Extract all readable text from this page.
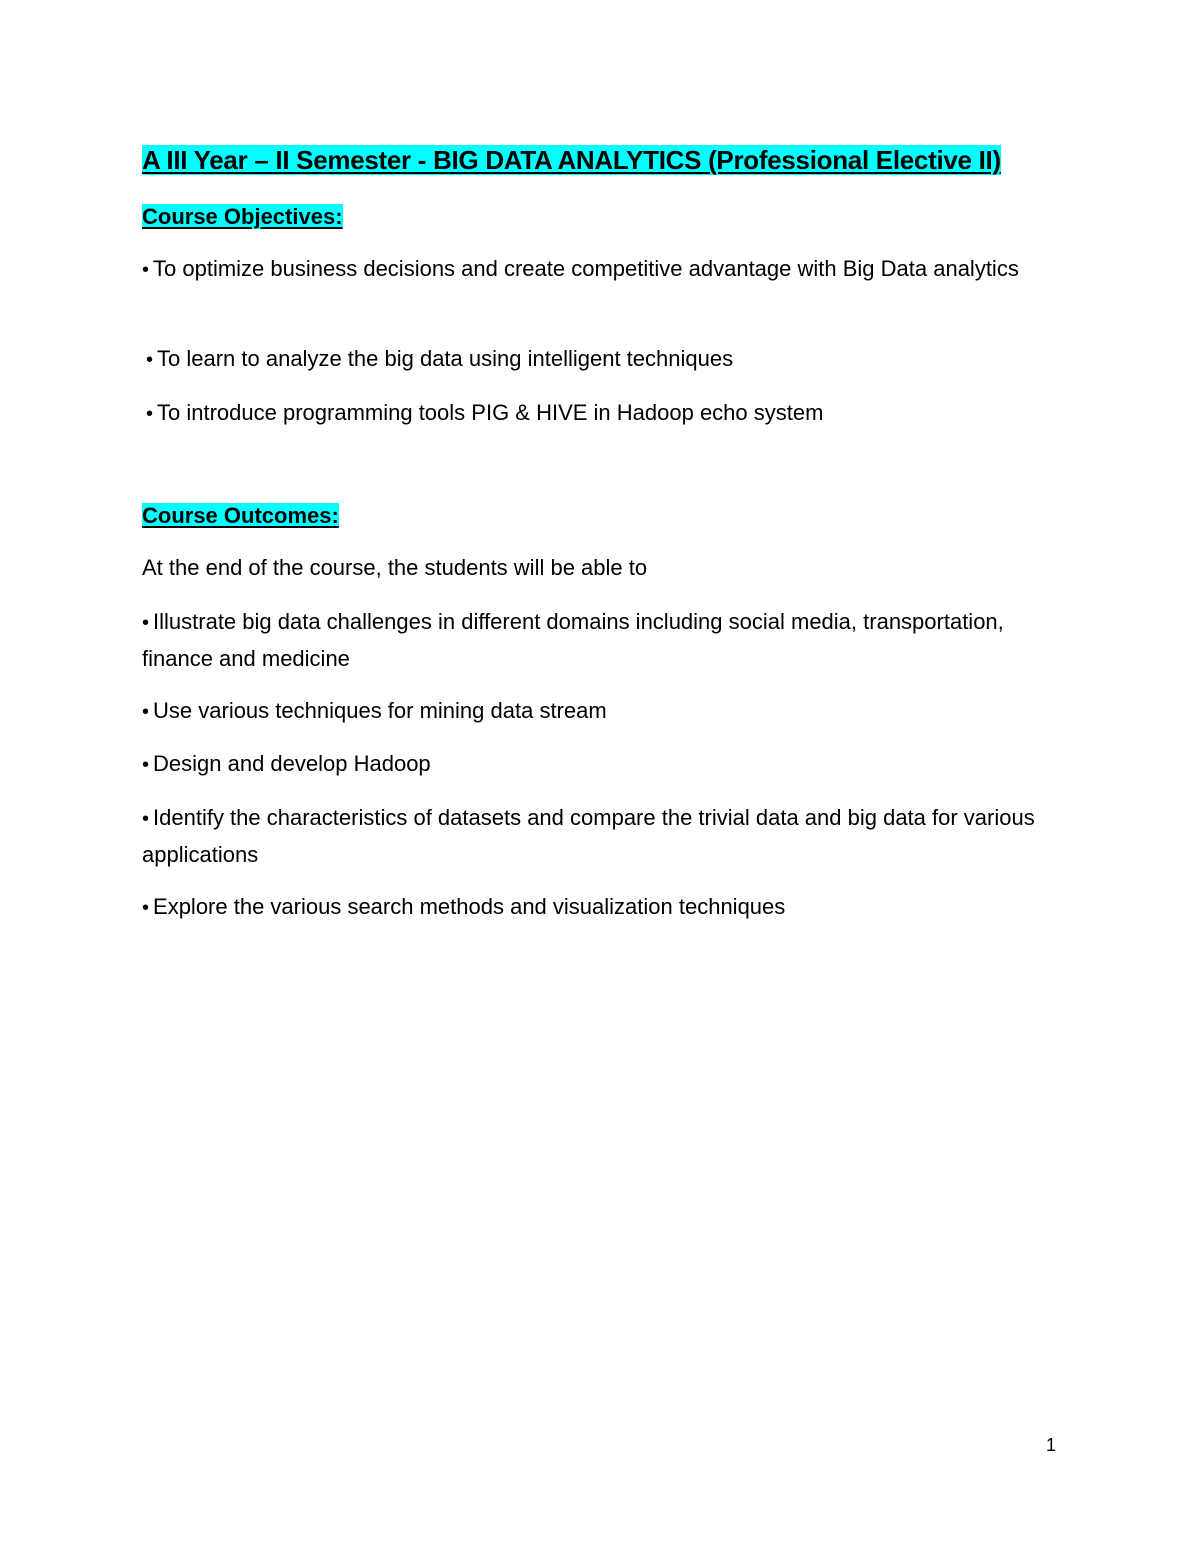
A III Year – II Semester - BIG DATA ANALYTICS (Professional Elective II)
Course Objectives:
• To optimize business decisions and create competitive advantage with Big Data analytics
• To learn to analyze the big data using intelligent techniques
• To introduce programming tools PIG & HIVE in Hadoop echo system
Course Outcomes:
At the end of the course, the students will be able to
• Illustrate big data challenges in different domains including social media, transportation, finance and medicine
• Use various techniques for mining data stream
• Design and develop Hadoop
• Identify the characteristics of datasets and compare the trivial data and big data for various applications
• Explore the various search methods and visualization techniques
1
